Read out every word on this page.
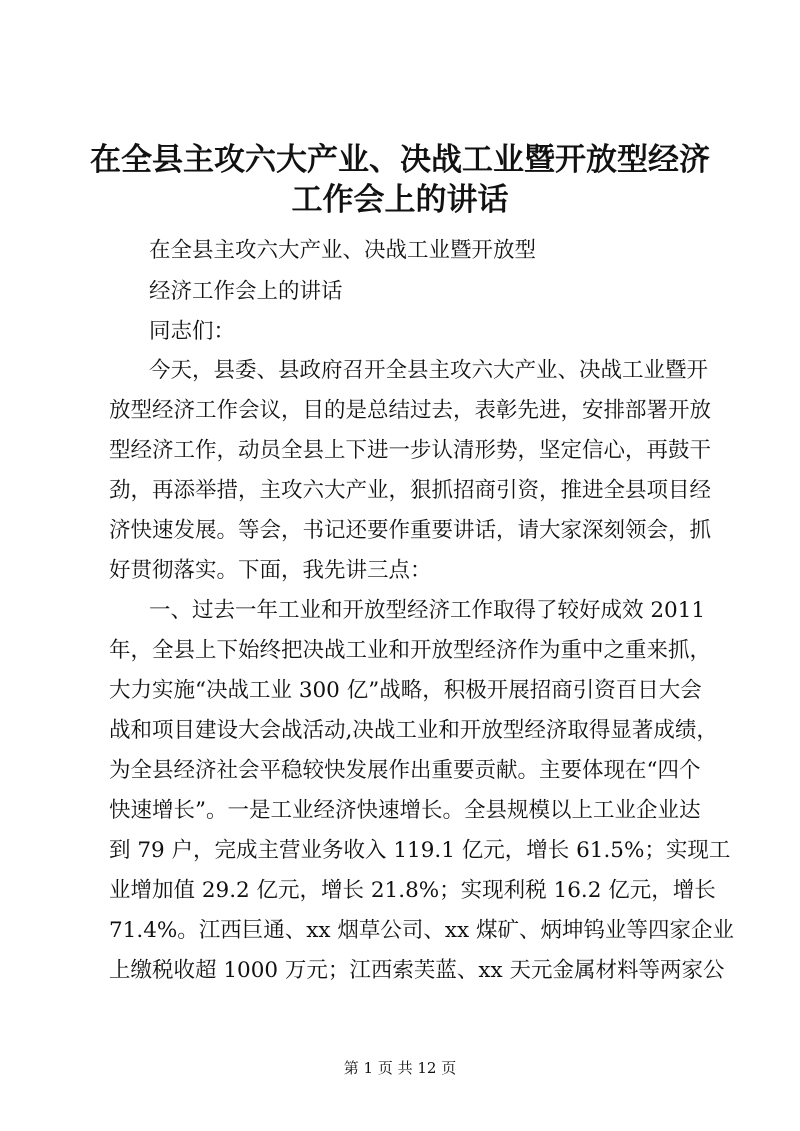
在全县主攻六大产业、决战工业暨开放型经济
工作会上的讲话
在全县主攻六大产业、决战工业暨开放型
经济工作会上的讲话
同志们：
今天，县委、县政府召开全县主攻六大产业、决战工业暨开
放型经济工作会议，目的是总结过去，表彰先进，安排部署开放
型经济工作，动员全县上下进一步认清形势，坚定信心，再鼓干
劲，再添举措，主攻六大产业，狠抓招商引资，推进全县项目经
济快速发展。等会，书记还要作重要讲话，请大家深刻领会，抓
好贯彻落实。下面，我先讲三点：
一、过去一年工业和开放型经济工作取得了较好成效 2011
年，全县上下始终把决战工业和开放型经济作为重中之重来抓，
大力实施“决战工业 300 亿”战略，积极开展招商引资百日大会
战和项目建设大会战活动,决战工业和开放型经济取得显著成绩，
为全县经济社会平稳较快发展作出重要贡献。主要体现在“四个
快速增长”。一是工业经济快速增长。全县规模以上工业企业达
到 79 户，完成主营业务收入 119.1 亿元，增长 61.5%；实现工
业增加值 29.2 亿元，增长 21.8%；实现利税 16.2 亿元，增长
71.4%。江西巨通、xx 烟草公司、xx 煤矿、炳坤钨业等四家企业
上缴税收超 1000 万元；江西索芙蓝、xx 天元金属材料等两家公
第 1 页 共 12 页
